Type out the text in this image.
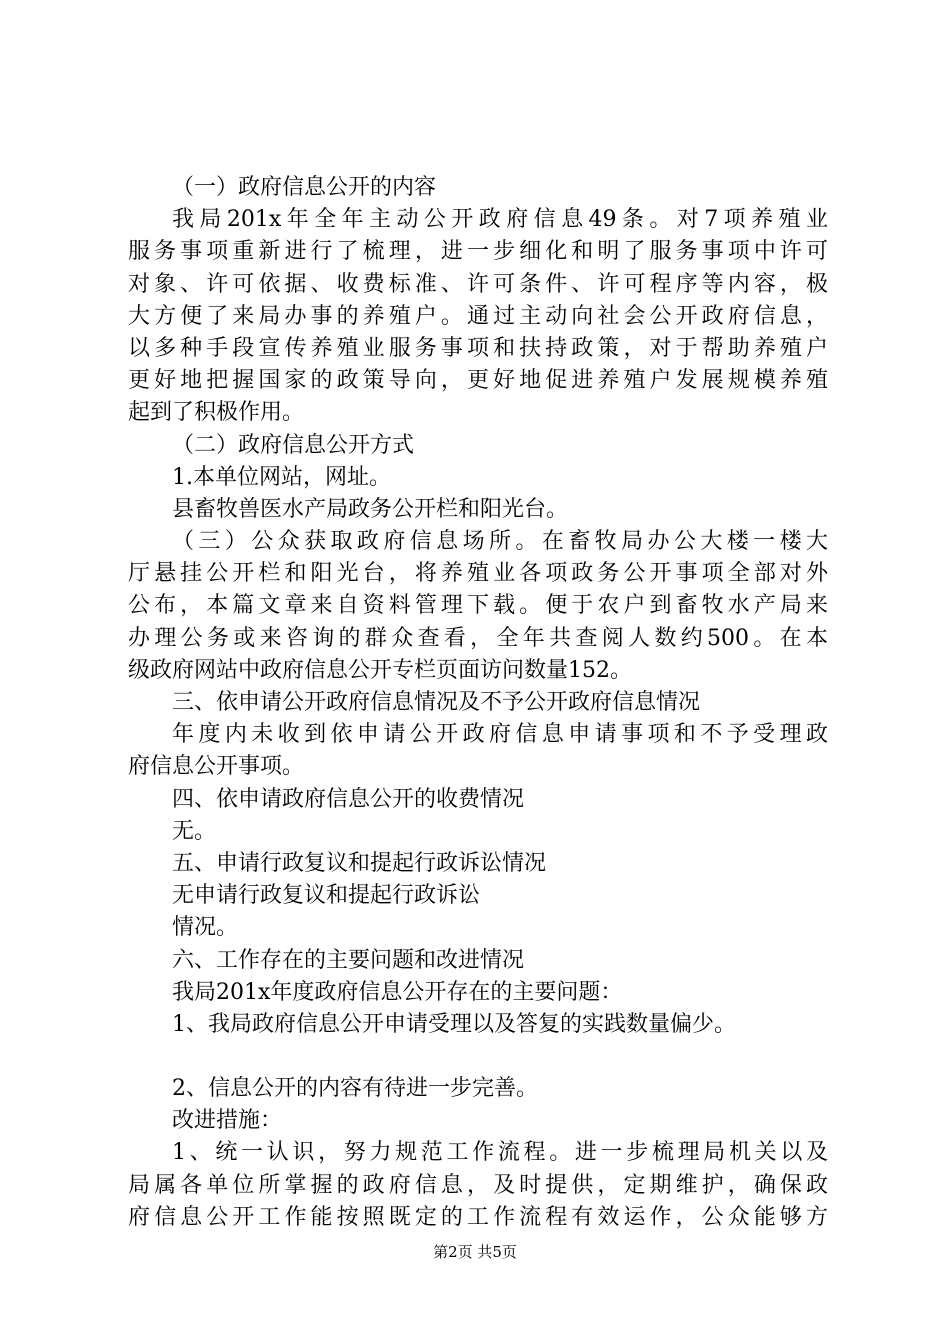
（一）政府信息公开的内容
我局201x年全年主动公开政府信息49条。对7项养殖业
服务事项重新进行了梳理，进一步细化和明了服务事项中许可
对象、许可依据、收费标准、许可条件、许可程序等内容，极
大方便了来局办事的养殖户。通过主动向社会公开政府信息，
以多种手段宣传养殖业服务事项和扶持政策，对于帮助养殖户
更好地把握国家的政策导向，更好地促进养殖户发展规模养殖
起到了积极作用。
（二）政府信息公开方式
1.本单位网站，网址。
县畜牧兽医水产局政务公开栏和阳光台。
（三）公众获取政府信息场所。在畜牧局办公大楼一楼大
厅悬挂公开栏和阳光台，将养殖业各项政务公开事项全部对外
公布，本篇文章来自资料管理下载。便于农户到畜牧水产局来
办理公务或来咨询的群众查看，全年共查阅人数约500。在本
级政府网站中政府信息公开专栏页面访问数量152。
三、依申请公开政府信息情况及不予公开政府信息情况
年度内未收到依申请公开政府信息申请事项和不予受理政
府信息公开事项。
四、依申请政府信息公开的收费情况
无。
五、申请行政复议和提起行政诉讼情况
无申请行政复议和提起行政诉讼
情况。
六、工作存在的主要问题和改进情况
我局201x年度政府信息公开存在的主要问题：
1、我局政府信息公开申请受理以及答复的实践数量偏少。
2、信息公开的内容有待进一步完善。
改进措施：
1、统一认识，努力规范工作流程。进一步梳理局机关以及
局属各单位所掌握的政府信息，及时提供，定期维护，确保政
府信息公开工作能按照既定的工作流程有效运作，公众能够方
第2页 共5页
